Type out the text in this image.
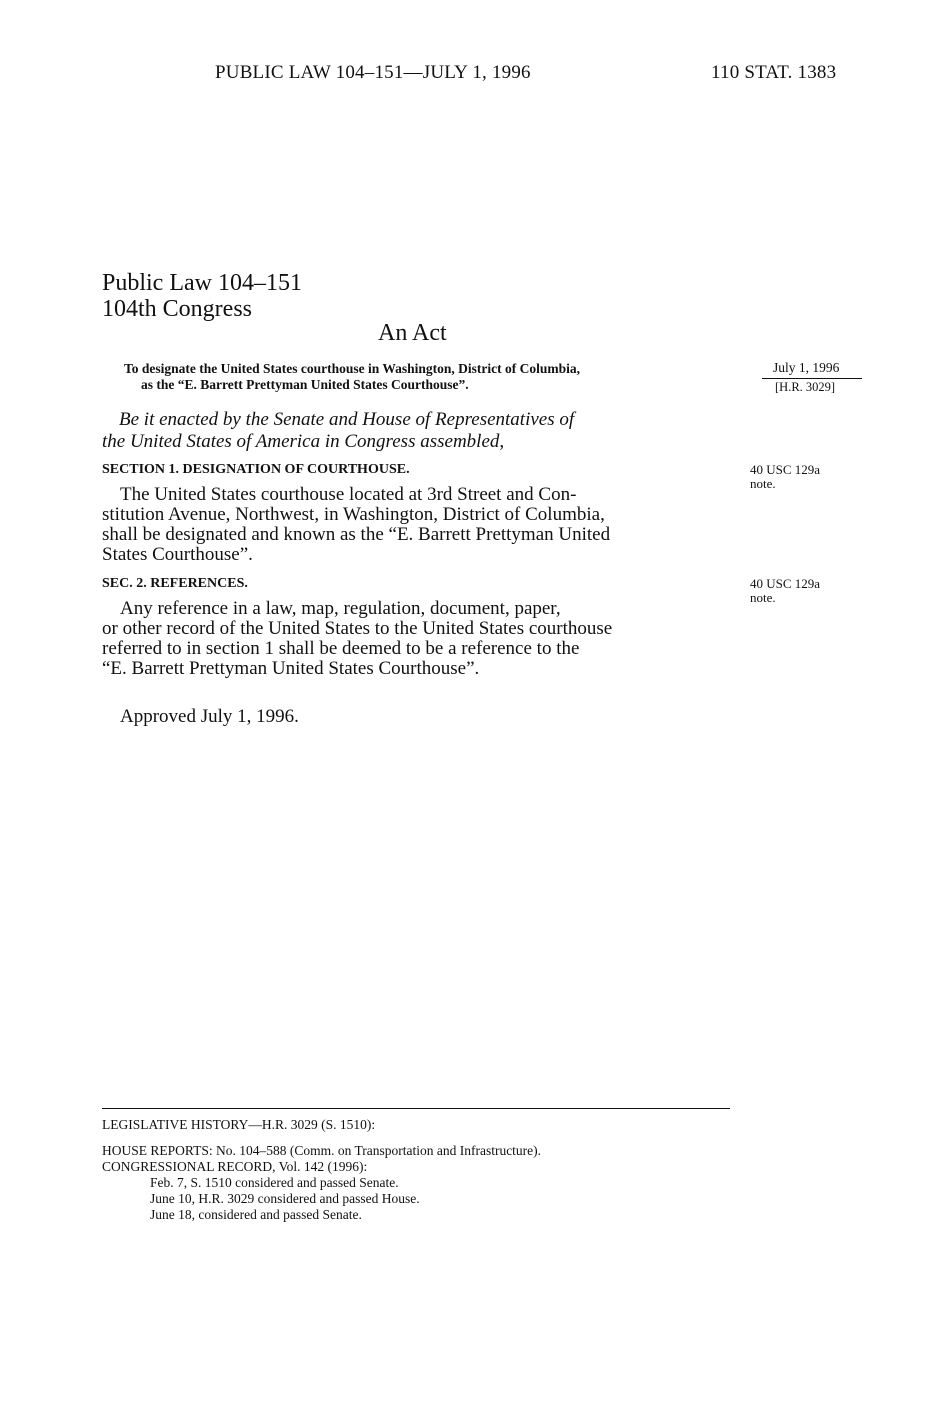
PUBLIC LAW 104–151—JULY 1, 1996	110 STAT. 1383
Public Law 104–151
104th Congress
An Act
To designate the United States courthouse in Washington, District of Columbia,
as the “E. Barrett Prettyman United States Courthouse”.
July 1, 1996
[H.R. 3029]
Be it enacted by the Senate and House of Representatives of
the United States of America in Congress assembled,
SECTION 1. DESIGNATION OF COURTHOUSE.
The United States courthouse located at 3rd Street and Con-
stitution Avenue, Northwest, in Washington, District of Columbia,
shall be designated and known as the “E. Barrett Prettyman United
States Courthouse”.
40 USC 129a
note.
SEC. 2. REFERENCES.
Any reference in a law, map, regulation, document, paper,
or other record of the United States to the United States courthouse
referred to in section 1 shall be deemed to be a reference to the
“E. Barrett Prettyman United States Courthouse”.
40 USC 129a
note.
Approved July 1, 1996.
LEGISLATIVE HISTORY—H.R. 3029 (S. 1510):
HOUSE REPORTS: No. 104–588 (Comm. on Transportation and Infrastructure).
CONGRESSIONAL RECORD, Vol. 142 (1996):
Feb. 7, S. 1510 considered and passed Senate.
June 10, H.R. 3029 considered and passed House.
June 18, considered and passed Senate.
